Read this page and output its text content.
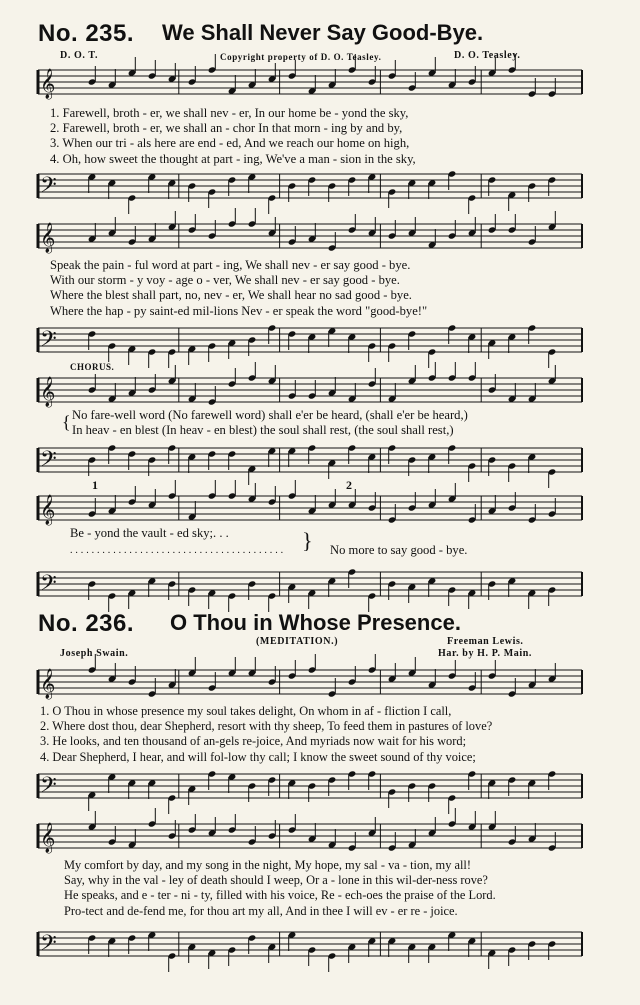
No. 235. We Shall Never Say Good-Bye.
D. O. T.	Copyright property of D. O. Teasley.	D. O. Teasley.
𝄞
1. Farewell, broth - er, we shall nev - er, In our home be - yond the sky,
2. Farewell, broth - er, we shall an - chor In that morn - ing by and by,
3. When our tri - als here are end - ed, And we reach our home on high,
4. Oh, how sweet the thought at part - ing, We've a man - sion in the sky,
𝄢
𝄞
Speak the pain - ful word at part - ing, We shall nev - er say good - bye.
With our storm - y voy - age o - ver, We shall nev - er say good - bye.
Where the blest shall part, no, nev - er, We shall hear no sad good - bye.
Where the hap - py saint-ed mil-lions Nev - er speak the word "good-bye!"
𝄢
CHORUS.
𝄞
{ No fare-well word (No farewell word) shall e'er be heard, (shall e'er be heard,)
In heav - en blest (In heav - en blest) the soul shall rest, (the soul shall rest,)
𝄢
𝄞
1	2
Be - yond the vault - ed sky;. . .
. . . . . . . . . . . . . . . . . . . . . . . . . . . . . . . . . . . . . . . . } No more to say good - bye.
𝄢
No. 236. O Thou in Whose Presence.
(MEDITATION.)	Freeman Lewis.
Joseph Swain.	Har. by H. P. Main.
𝄞
1. O Thou in whose presence my soul takes delight, On whom in af - fliction I call,
2. Where dost thou, dear Shepherd, resort with thy sheep, To feed them in pastures of love?
3. He looks, and ten thousand of an-gels re-joice, And myriads now wait for his word;
4. Dear Shepherd, I hear, and will fol-low thy call; I know the sweet sound of thy voice;
𝄢
𝄞
My comfort by day, and my song in the night, My hope, my sal - va - tion, my all!
Say, why in the val - ley of death should I weep, Or a - lone in this wil-der-ness rove?
He speaks, and e - ter - ni - ty, filled with his voice, Re - ech-oes the praise of the Lord.
Pro-tect and de-fend me, for thou art my all, And in thee I will ev - er re - joice.
𝄢
